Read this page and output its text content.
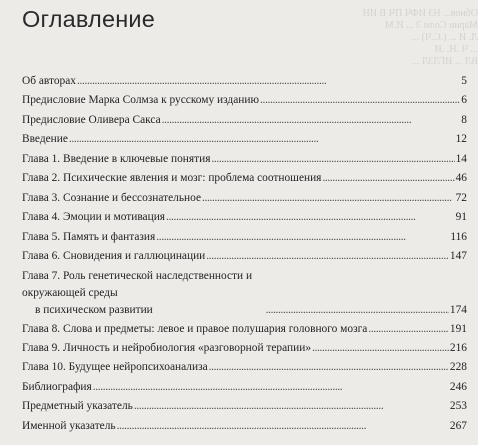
Обнов... НЗ ИФЧ ПЧ В ИН
Марии Солм 3 ... И.М
Л. И ... (.С.Ч) ...
... Ч .Н. .И
ВЛ ... ИГЛЗЛ ...
Оглавление
Об авторах . . .	5
Предисловие Марка Солмза к русскому изданию . . .	6
Предисловие Оливера Сакса . . .	8
Введение . . .	12
Глава 1. Введение в ключевые понятия . . .	14
Глава 2. Психические явления и мозг: проблема соотношения . . .	46
Глава 3. Сознание и бессознательное . . .	72
Глава 4. Эмоции и мотивация . . .	91
Глава 5. Память и фантазия . . .	116
Глава 6. Сновидения и галлюцинации . . .	147
Глава 7. Роль генетической наследственности и окружающей среды
в психическом развитии . . .	174
Глава 8. Слова и предметы: левое и правое полушария головного мозга . . .	191
Глава 9. Личность и нейробиология «разговорной терапии» . . .	216
Глава 10. Будущее нейропсихоанализа . . .	228
Библиография . . .	246
Предметный указатель . . .	253
Именной указатель . . .	267
